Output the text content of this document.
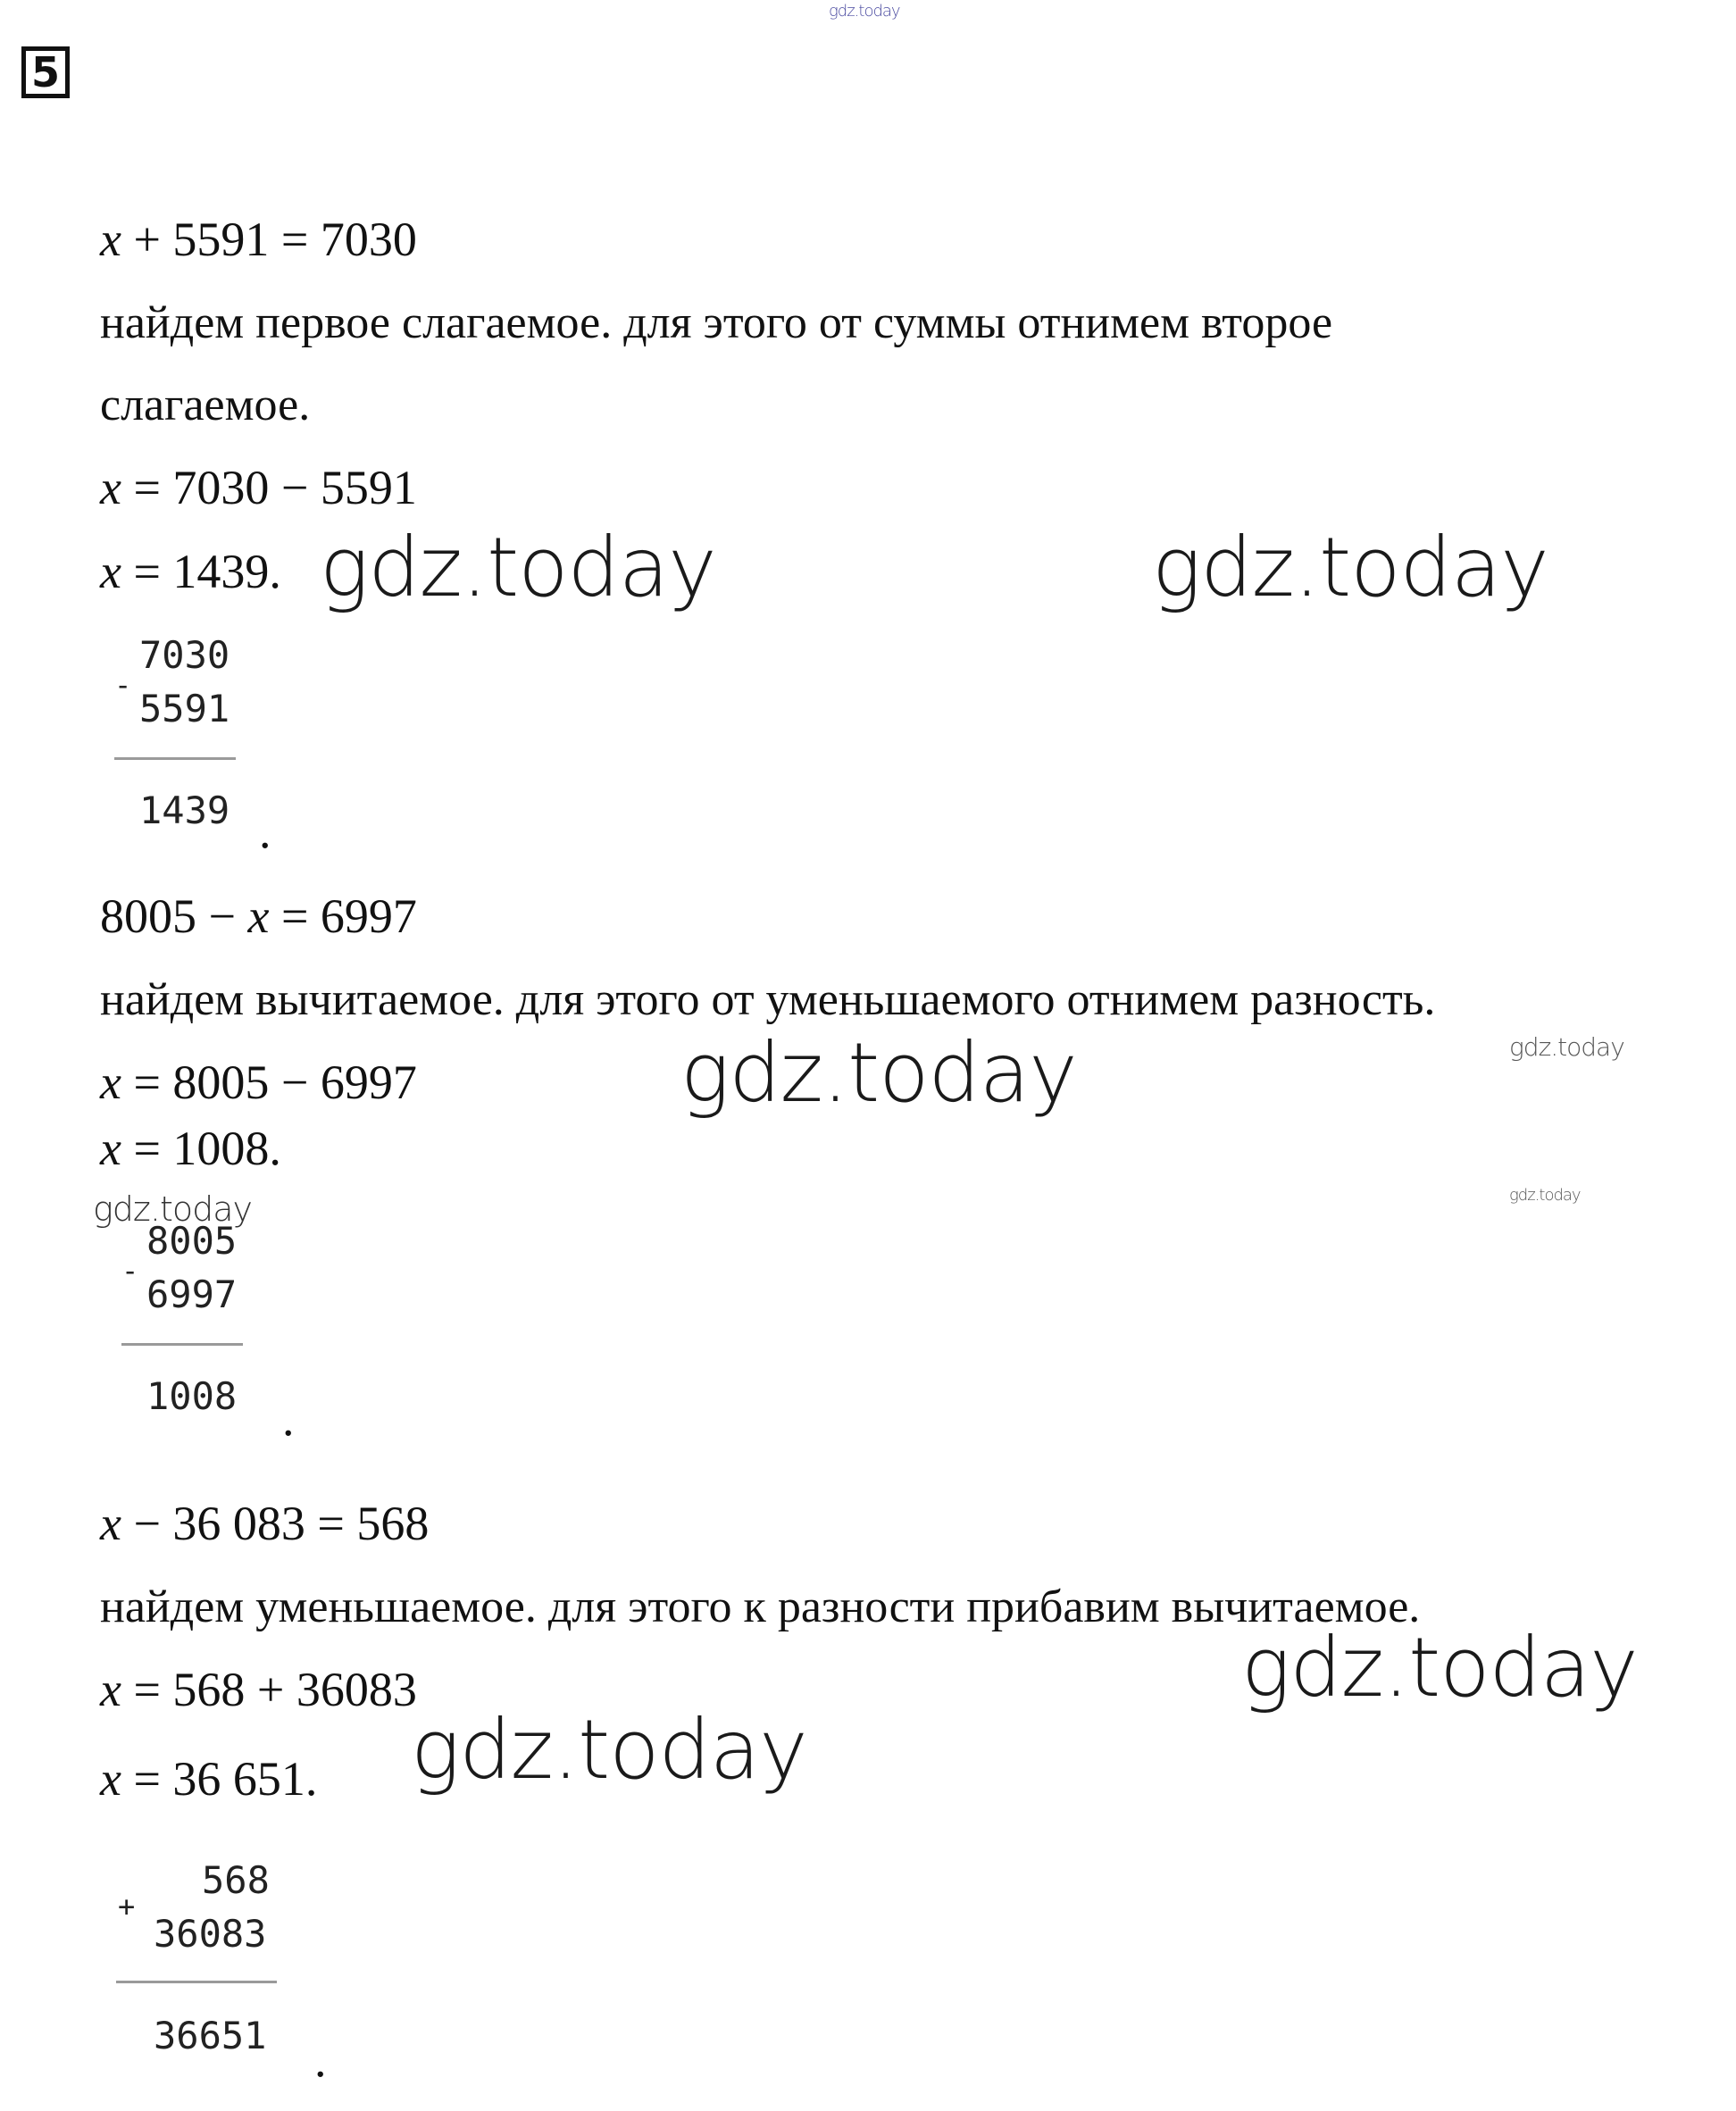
gdz.today
5
x + 5591 = 7030
найдем первое слагаемое. для этого от суммы отнимем второе
слагаемое.
x = 7030 − 5591
x = 1439.
7030
-
5591
1439 .
8005 − x = 6997
найдем вычитаемое. для этого от уменьшаемого отнимем разность.
x = 8005 − 6997
x = 1008.
8005
-
6997
1008 .
x − 36 083 = 568
найдем уменьшаемое. для этого к разности прибавим вычитаемое.
x = 568 + 36083
x = 36 651.
568
+
36083
36651 .
gdz.today	gdz.today
gdz.today	gdz.today
gdz.today	gdz.today
gdz.today
gdz.today
